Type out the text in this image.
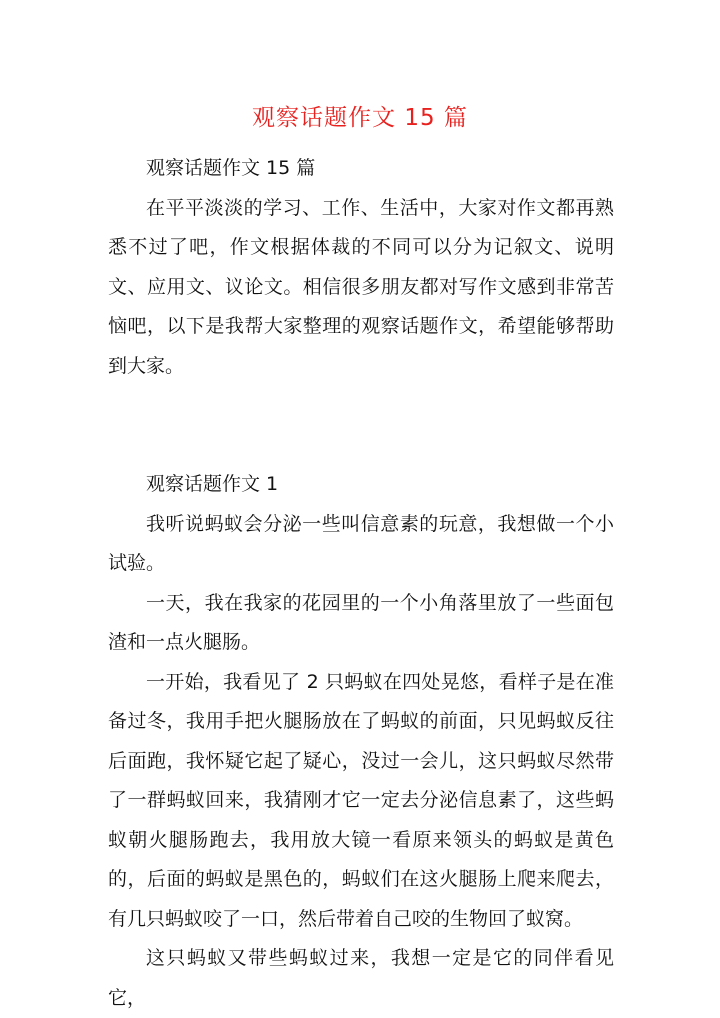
观察话题作文 15 篇

观察话题作文 15 篇

在平平淡淡的学习、工作、生活中，大家对作文都再熟悉不过了吧，作文根据体裁的不同可以分为记叙文、说明文、应用文、议论文。相信很多朋友都对写作文感到非常苦恼吧，以下是我帮大家整理的观察话题作文，希望能够帮助到大家。

观察话题作文 1

我听说蚂蚁会分泌一些叫信意素的玩意，我想做一个小试验。

一天，我在我家的花园里的一个小角落里放了一些面包渣和一点火腿肠。

一开始，我看见了 2 只蚂蚁在四处晃悠，看样子是在准备过冬，我用手把火腿肠放在了蚂蚁的前面，只见蚂蚁反往后面跑，我怀疑它起了疑心，没过一会儿，这只蚂蚁尽然带了一群蚂蚁回来，我猜刚才它一定去分泌信息素了，这些蚂蚁朝火腿肠跑去，我用放大镜一看原来领头的蚂蚁是黄色的，后面的蚂蚁是黑色的，蚂蚁们在这火腿肠上爬来爬去，有几只蚂蚁咬了一口，然后带着自己咬的生物回了蚁窝。

这只蚂蚁又带些蚂蚁过来，我想一定是它的同伴看见它，
